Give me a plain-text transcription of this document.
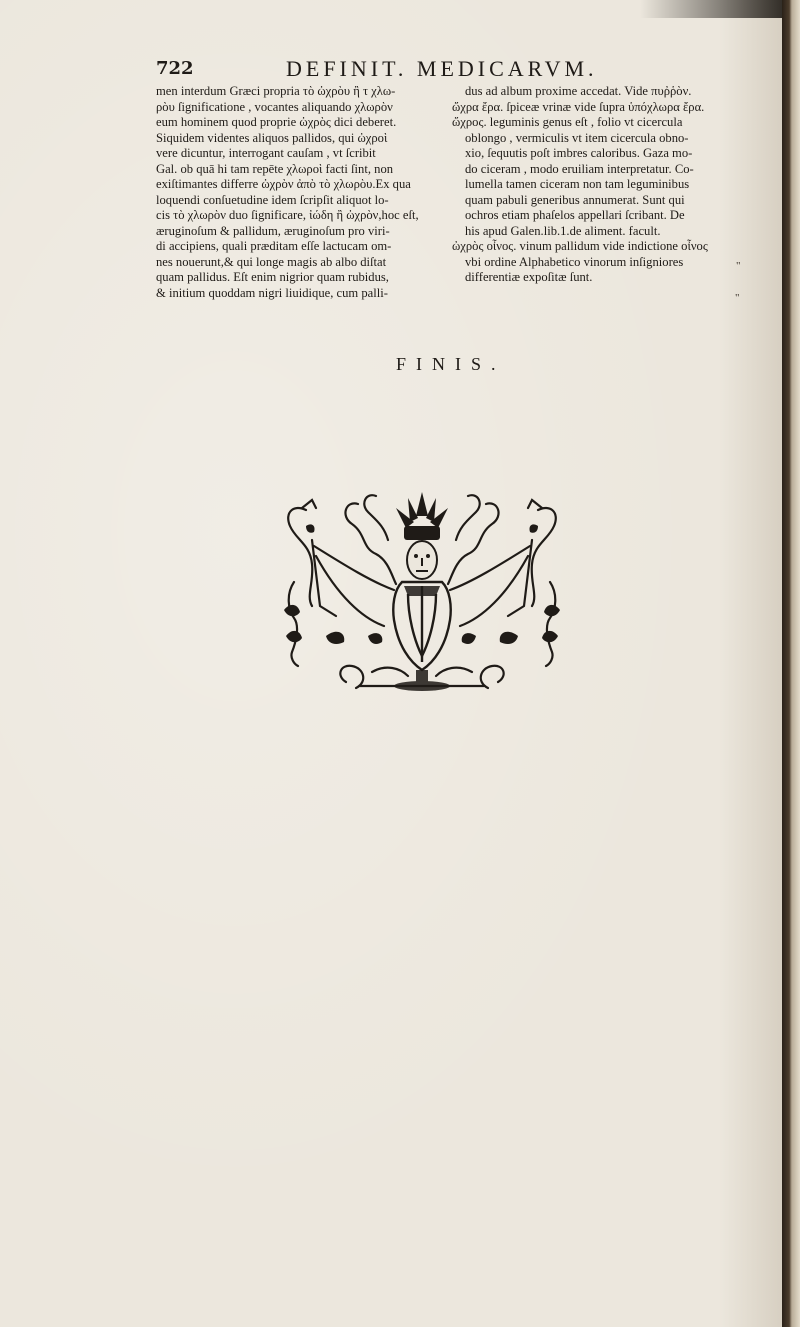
722	DEFINIT. MEDICARVM.
men interdum Græci propria τὸ ὠχρὸυ ἢ τ χλω-
ρὸυ ſignificatione , vocantes aliquando χλωρὸν
eum hominem quod proprie ὠχρὸς dici deberet.
Siquidem videntes aliquos pallidos, qui ὠχροὶ
vere dicuntur, interrogant cauſam , vt ſcribit
Gal. ob quā hi tam repēte χλωροὶ facti ſint, non
exiſtimantes differre ὠχρὸν ἀπὸ τὸ χλωρὸυ.Ex qua
loquendi conſuetudine idem ſcripſit aliquot lo-
cis τὸ χλωρὸν duo ſignificare, ἰώδη ἢ ὠχρὸν,hoc eſt,
æruginoſum & pallidum, æruginoſum pro viri-
di accipiens, quali præditam eſſe lactucam om-
nes nouerunt,& qui longe magis ab albo diſtat
quam pallidus. Eſt enim nigrior quam rubidus,
& initium quoddam nigri liuidique, cum palli-
dus ad album proxime accedat. Vide πυῤῥὸν.
ὤχρα ἔρα. ſpiceæ vrinæ vide ſupra ὑπόχλωρα ἔρα.
ὤχρος. leguminis genus eſt , folio vt cicercula
oblongo , vermiculis vt item cicercula obno-
xio, ſequutis poſt imbres caloribus. Gaza mo-
do ciceram , modo eruiliam interpretatur. Co-
lumella tamen ciceram non tam leguminibus
quam pabuli generibus annumerat. Sunt qui
ochros etiam phaſelos appellari ſcribant. De
his apud Galen.lib.1.de aliment. facult.
ὠχρὸς οἶνος. vinum pallidum vide indictione οἶνος
vbi ordine Alphabetico vinorum inſigniores
differentiæ expoſitæ ſunt.
"
"
FINIS.
